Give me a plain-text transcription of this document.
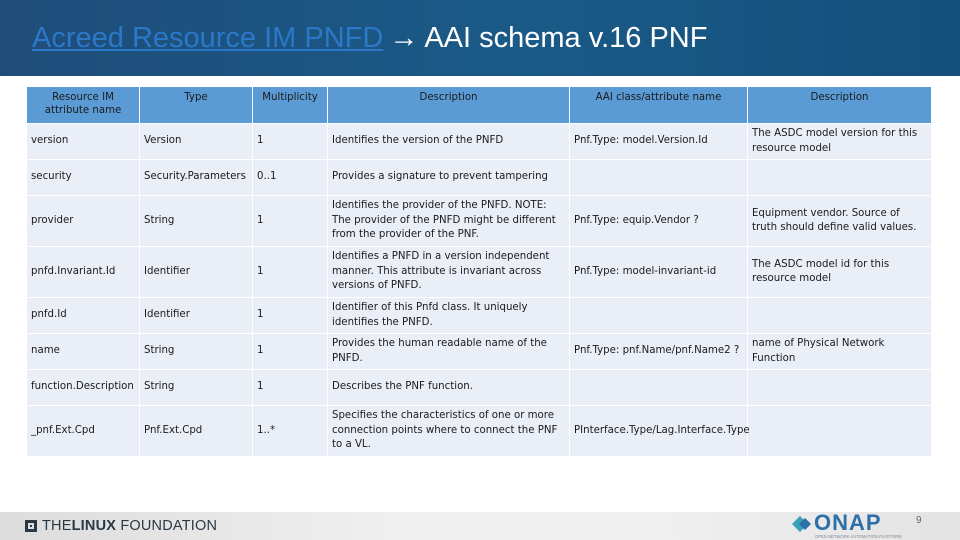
Acreed Resource IM PNFD → AAI schema v.16 PNF
Resource IM attribute name	Type	Multiplicity	Description	AAI class/attribute name	Description
version	Version	1	Identifies the version of the PNFD	Pnf.Type: model.Version.Id	The ASDC model version for this resource model
security	Security.Parameters	0..1	Provides a signature to prevent tampering		
provider	String	1	Identifies the provider of the PNFD. NOTE: The provider of the PNFD might be different from the provider of the PNF.	Pnf.Type: equip.Vendor ?	Equipment vendor. Source of truth should define valid values.
pnfd.Invariant.Id	Identifier	1	Identifies a PNFD in a version independent manner. This attribute is invariant across versions of PNFD.	Pnf.Type: model-invariant-id	The ASDC model id for this resource model
pnfd.Id	Identifier	1	Identifier of this Pnfd class. It uniquely identifies the PNFD.		
name	String	1	Provides the human readable name of the PNFD.	Pnf.Type: pnf.Name/pnf.Name2 ?	name of Physical Network Function
function.Description	String	1	Describes the PNF function.		
_pnf.Ext.Cpd	Pnf.Ext.Cpd	1..*	Specifies the characteristics of one or more connection points where to connect the PNF to a VL.	PInterface.Type/Lag.Interface.Type	
THELINUX FOUNDATION	ONAP
OPEN NETWORK AUTOMATION PLATFORM
9
